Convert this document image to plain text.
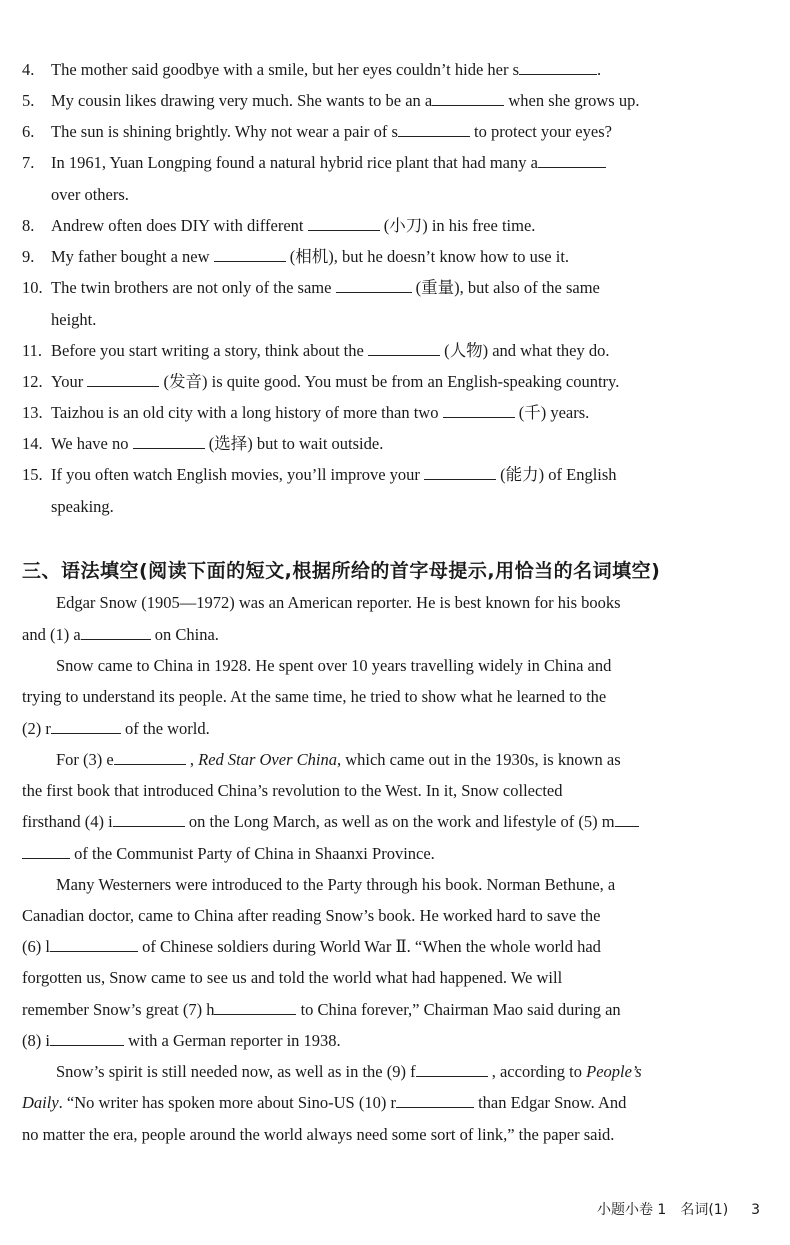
4. The mother said goodbye with a smile, but her eyes couldn’t hide her s	.
5. My cousin likes drawing very much. She wants to be an a	when she grows up.
6. The sun is shining brightly. Why not wear a pair of s	to protect your eyes?
7. In 1961, Yuan Longping found a natural hybrid rice plant that had many a
over others.
8. Andrew often does DIY with different	(小刀) in his free time.
9. My father bought a new	(相机), but he doesn’t know how to use it.
10. The twin brothers are not only of the same	(重量), but also of the same
height.
11. Before you start writing a story, think about the	(人物) and what they do.
12. Your	(发音) is quite good. You must be from an English-speaking country.
13. Taizhou is an old city with a long history of more than two	(千) years.
14. We have no	(选择) but to wait outside.
15. If you often watch English movies, you’ll improve your	(能力) of English
speaking.
三、语法填空(阅读下面的短文,根据所给的首字母提示,用恰当的名词填空)
Edgar Snow (1905—1972) was an American reporter. He is best known for his books
and (1) a	on China.
Snow came to China in 1928. He spent over 10 years travelling widely in China and
trying to understand its people. At the same time, he tried to show what he learned to the
(2) r	of the world.
For (3) e	, Red Star Over China, which came out in the 1930s, is known as
the first book that introduced China’s revolution to the West. In it, Snow collected
firsthand (4) i	on the Long March, as well as on the work and lifestyle of (5) m
of the Communist Party of China in Shaanxi Province.
Many Westerners were introduced to the Party through his book. Norman Bethune, a
Canadian doctor, came to China after reading Snow’s book. He worked hard to save the
(6) l	of Chinese soldiers during World War Ⅱ. “When the whole world had
forgotten us, Snow came to see us and told the world what had happened. We will
remember Snow’s great (7) h	to China forever,” Chairman Mao said during an
(8) i	with a German reporter in 1938.
Snow’s spirit is still needed now, as well as in the (9) f	, according to People’s
Daily. “No writer has spoken more about Sino-US (10) r	than Edgar Snow. And
no matter the era, people around the world always need some sort of link,” the paper said.
小题小卷 1　名词(1) 3
